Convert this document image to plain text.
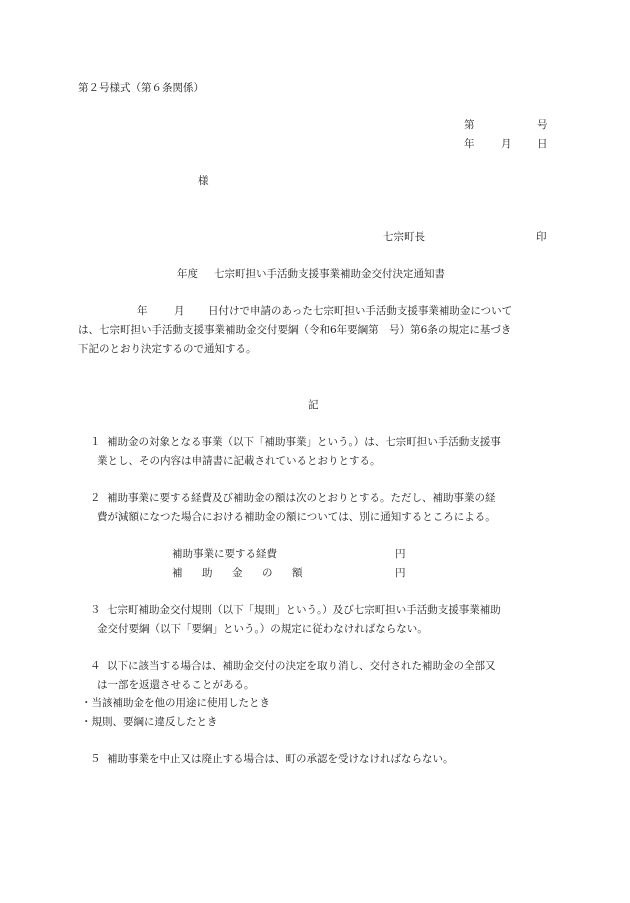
第２号様式（第６条関係）

第	号
年	月 日
様
七宗町長	印
年度 七宗町担い手活動支援事業補助金交付決定通知書
年	月 日付けで申請のあった七宗町担い手活動支援事業補助金について
は、七宗町担い手活動支援事業補助金交付要綱（令和6年要綱第　号）第6条の規定に基づき
下記のとおり決定するので通知する。
記
１ 補助金の対象となる事業（以下「補助事業」という。）は、七宗町担い手活動支援事
業とし、その内容は申請書に記載されているとおりとする。
２ 補助事業に要する経費及び補助金の額は次のとおりとする。ただし、補助事業の経
費が減額になつた場合における補助金の額については、別に通知するところによる。
補助事業に要する経費	円
補 助 金 の 額	円
３ 七宗町補助金交付規則（以下「規則」という。）及び七宗町担い手活動支援事業補助
金交付要綱（以下「要綱」という。）の規定に従わなければならない。
４ 以下に該当する場合は、補助金交付の決定を取り消し、交付された補助金の全部又
は一部を返還させることがある。
・当該補助金を他の用途に使用したとき
・規則、要綱に違反したとき
５ 補助事業を中止又は廃止する場合は、町の承認を受けなければならない。
